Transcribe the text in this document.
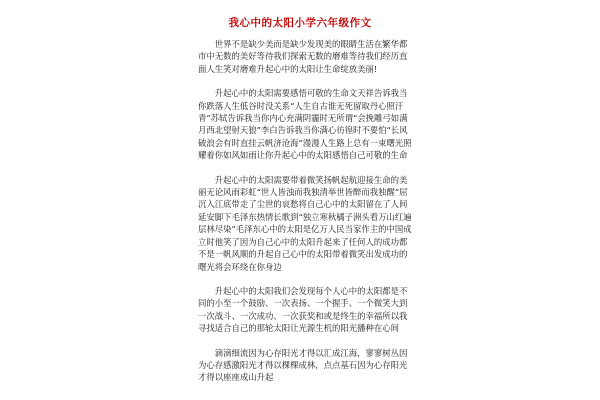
我心中的太阳小学六年级作文

世界不是缺少美而是缺少发现美的眼睛生活在繁华都市中无数的美好等待我们探索无数的磨难等待我们经历直面人生笑对磨难升起心中的太阳让生命绽放美丽!

升起心中的太阳需要感悟可敬的生命文天祥告诉我当你跌落人生低谷时没关系“人生自古谁无死留取丹心照汗青”苏轼告诉我当你内心充满阴霾时无所谓“会挽雕弓如满月西北望射天狼”李白告诉我当你满心彷徨时不要怕“长风破浪会有时直挂云帆济沧海”漫漫人生路上总有一束曙光照耀着你如风如雨让你升起心中的太阳感悟自己可敬的生命

升起心中的太阳需要带着微笑扬帆起航迎接生命的美丽无论风雨彩虹“世人皆浊而我独清举世皆醉而我独醒”屈沉入江底带走了尘世的哀愁将自己心中的太阳留在了人间延安脚下毛泽东热情长歌到“独立寒秋橘子洲头看万山红遍层林尽染”毛泽东心中的太阳是亿万人民当家作主的中国成立时他笑了因为自己心中的太阳升起来了任何人的成功都不是一帆风顺的升起自己心中的太阳带着微笑出发成功的曙光将会环绕在你身边

升起心中的太阳我们会发现每个人心中的太阳都是不同的小至一个鼓励、一次表扬、一个握手、一个微笑大到一次战斗、一次成功、一次获奖和或是终生的幸福所以我寻找适合自己的那轮太阳让光源生机的阳光播种在心间

滴滴细流因为心存阳光才得以汇成江海，寥寥树丛因为心存感激阳光才得以棵棵成林，点点基石因为心存阳光才得以座座成山升起
